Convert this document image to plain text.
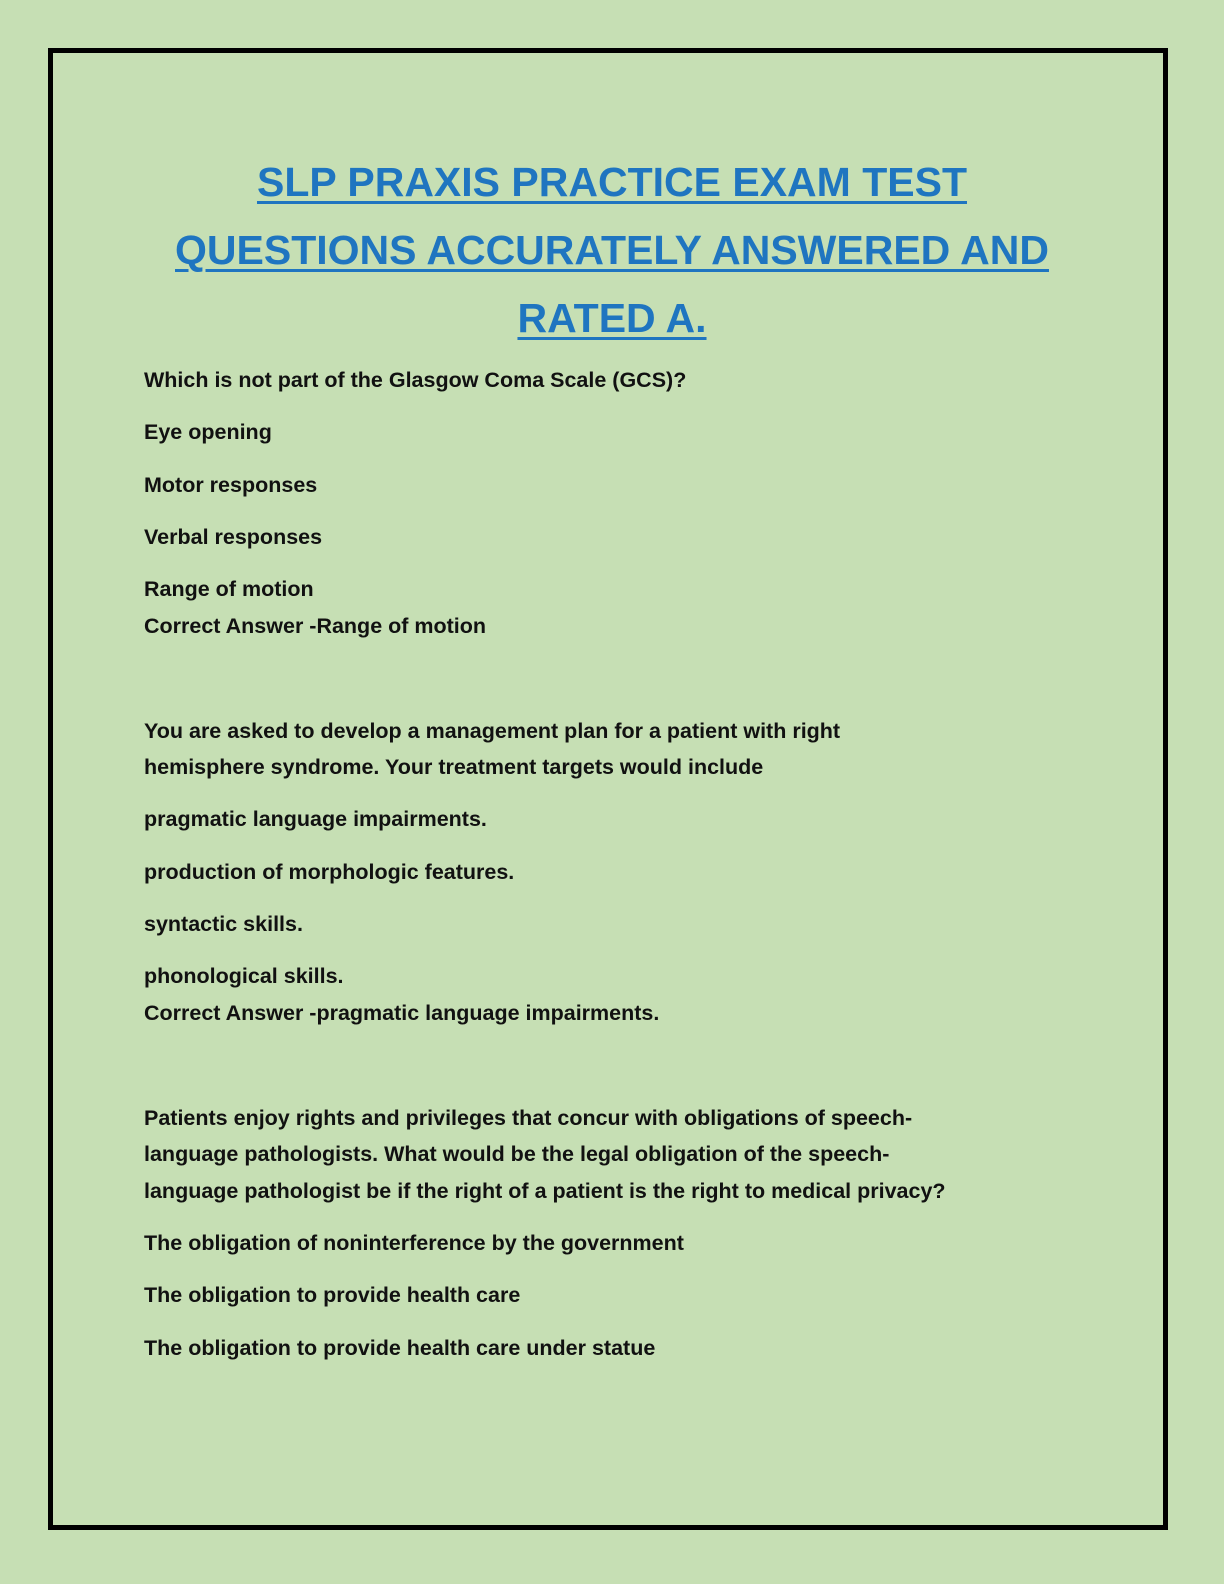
SLP PRAXIS PRACTICE EXAM TEST
QUESTIONS ACCURATELY ANSWERED AND
RATED A.
Which is not part of the Glasgow Coma Scale (GCS)?
Eye opening
Motor responses
Verbal responses
Range of motion
Correct Answer -Range of motion
You are asked to develop a management plan for a patient with right
hemisphere syndrome. Your treatment targets would include
pragmatic language impairments.
production of morphologic features.
syntactic skills.
phonological skills.
Correct Answer -pragmatic language impairments.
Patients enjoy rights and privileges that concur with obligations of speech-
language pathologists. What would be the legal obligation of the speech-
language pathologist be if the right of a patient is the right to medical privacy?
The obligation of noninterference by the government
The obligation to provide health care
The obligation to provide health care under statue
